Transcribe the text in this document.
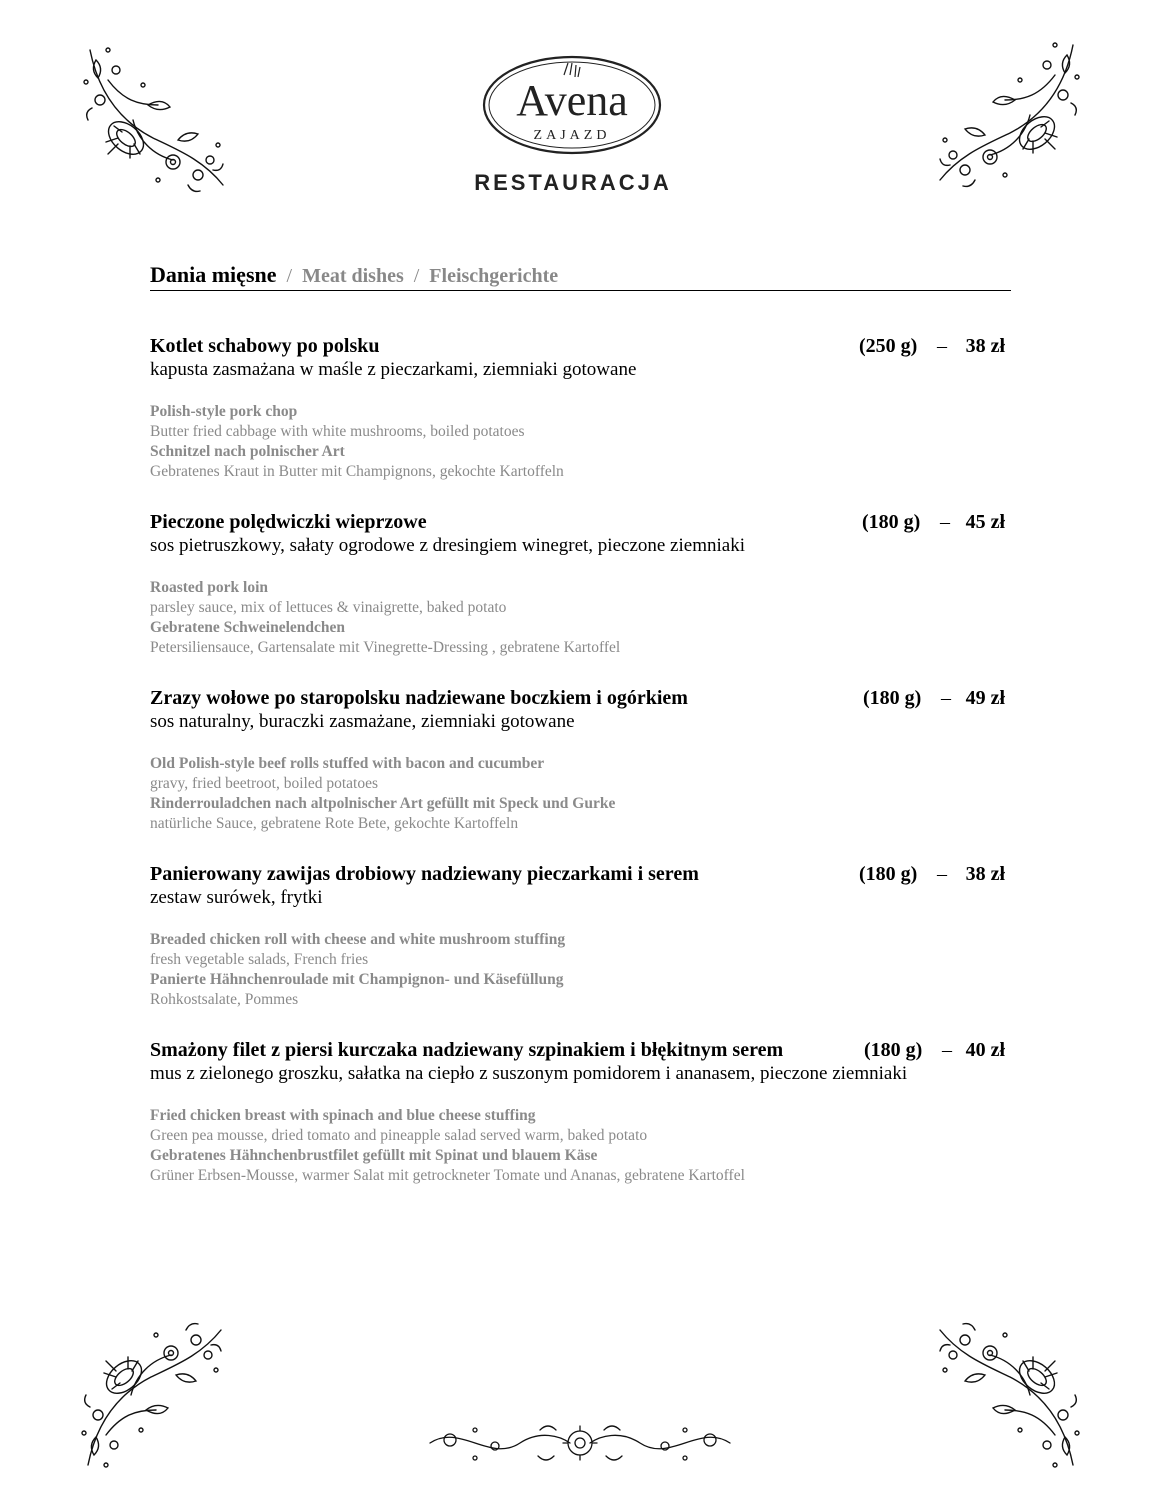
Avena
ZAJAZD
RESTAURACJA
Dania mięsne / Meat dishes / Fleischgerichte
Kotlet schabowy po polsku	(250 g) – 38 zł
kapusta zasmażana w maśle z pieczarkami, ziemniaki gotowane
Polish-style pork chop
Butter fried cabbage with white mushrooms, boiled potatoes
Schnitzel nach polnischer Art
Gebratenes Kraut in Butter mit Champignons, gekochte Kartoffeln
Pieczone polędwiczki wieprzowe	(180 g) – 45 zł
sos pietruszkowy, sałaty ogrodowe z dresingiem winegret, pieczone ziemniaki
Roasted pork loin
parsley sauce, mix of lettuces & vinaigrette, baked potato
Gebratene Schweinelendchen
Petersiliensauce, Gartensalate mit Vinegrette-Dressing , gebratene Kartoffel
Zrazy wołowe po staropolsku nadziewane boczkiem i ogórkiem	(180 g) – 49 zł
sos naturalny, buraczki zasmażane, ziemniaki gotowane
Old Polish-style beef rolls stuffed with bacon and cucumber
gravy, fried beetroot, boiled potatoes
Rinderrouladchen nach altpolnischer Art gefüllt mit Speck und Gurke
natürliche Sauce, gebratene Rote Bete, gekochte Kartoffeln
Panierowany zawijas drobiowy nadziewany pieczarkami i serem	(180 g) – 38 zł
zestaw surówek, frytki
Breaded chicken roll with cheese and white mushroom stuffing
fresh vegetable salads, French fries
Panierte Hähnchenroulade mit Champignon- und Käsefüllung
Rohkostsalate, Pommes
Smażony filet z piersi kurczaka nadziewany szpinakiem i błękitnym serem	(180 g) – 40 zł
mus z zielonego groszku, sałatka na ciepło z suszonym pomidorem i ananasem, pieczone ziemniaki
Fried chicken breast with spinach and blue cheese stuffing
Green pea mousse, dried tomato and pineapple salad served warm, baked potato
Gebratenes Hähnchenbrustfilet gefüllt mit Spinat und blauem Käse
Grüner Erbsen-Mousse, warmer Salat mit getrockneter Tomate und Ananas, gebratene Kartoffel
